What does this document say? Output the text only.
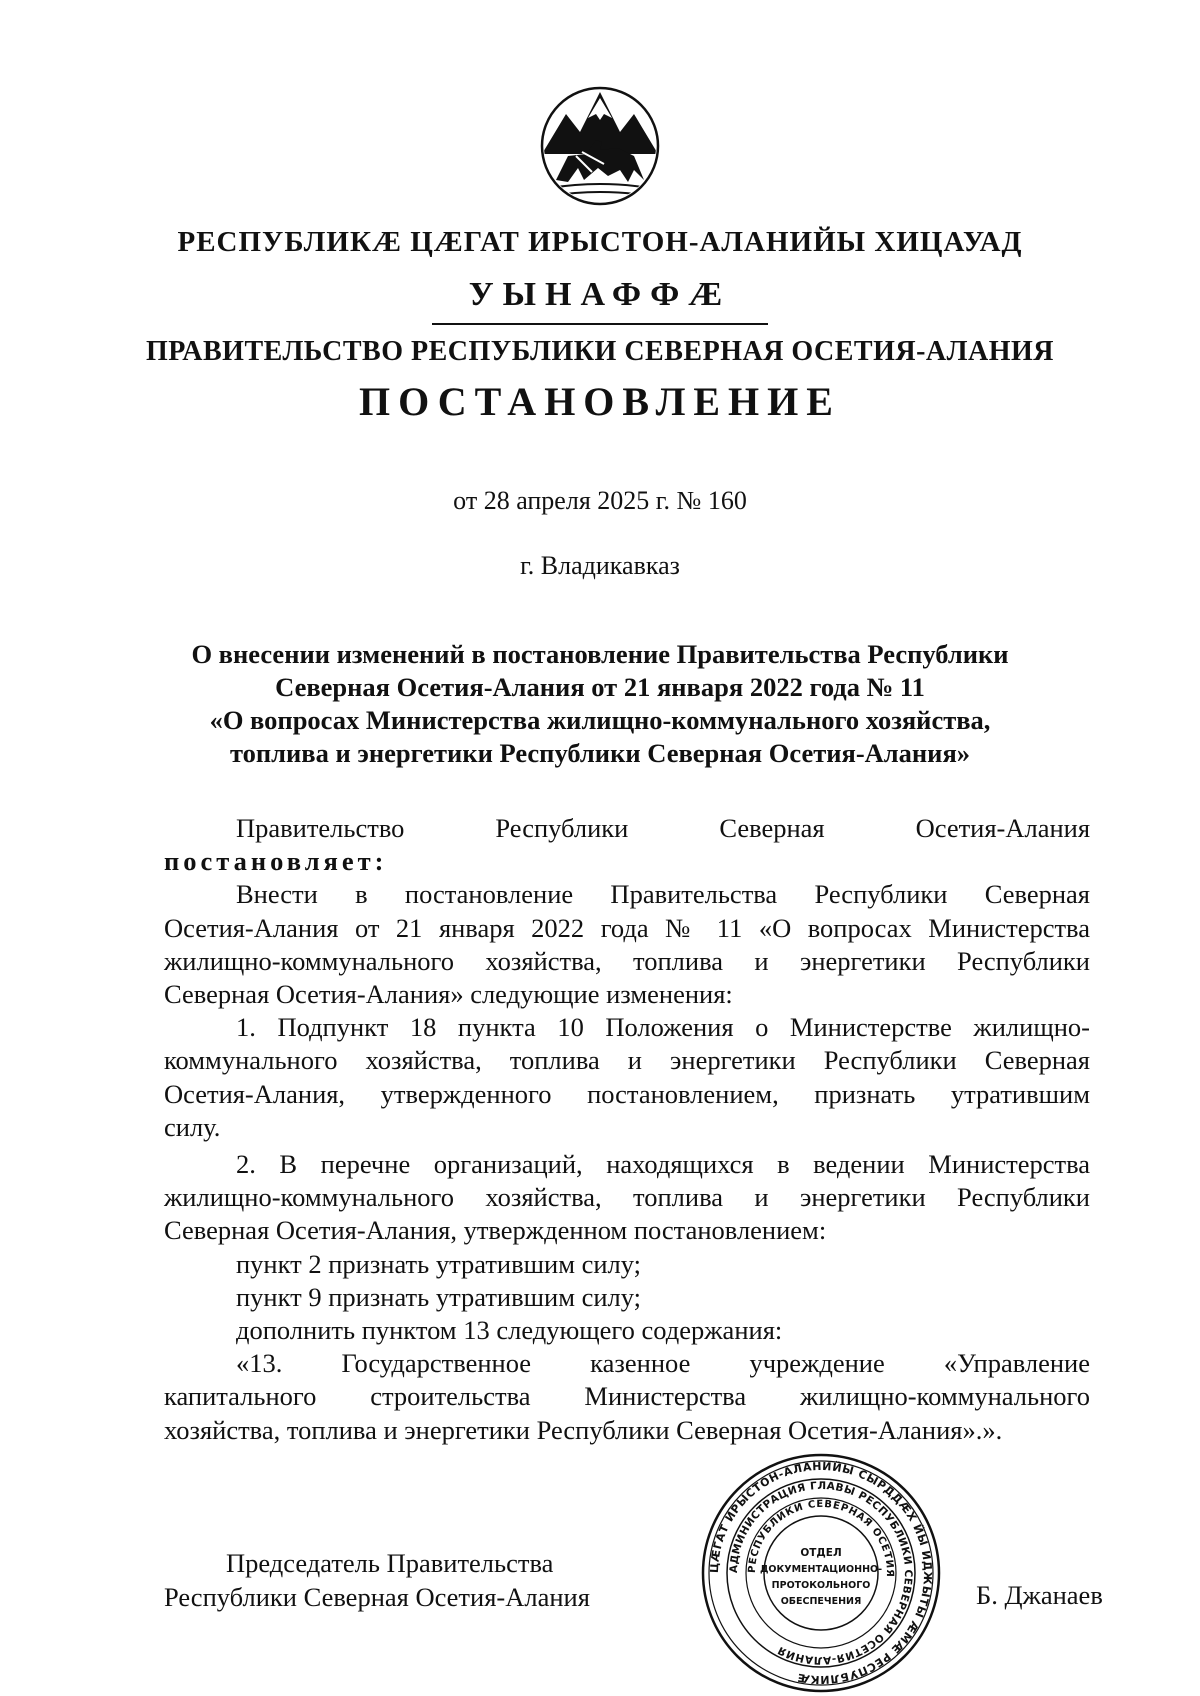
РЕСПУБЛИКӔ ЦӔГАТ ИРЫСТОН-АЛАНИЙЫ ХИЦАУАД
УЫНАФФӔ
ПРАВИТЕЛЬСТВО РЕСПУБЛИКИ СЕВЕРНАЯ ОСЕТИЯ-АЛАНИЯ
ПОСТАНОВЛЕНИЕ
от 28 апреля 2025 г. № 160
г. Владикавказ
О внесении изменений в постановление Правительства Республики
Северная Осетия-Алания от 21 января 2022 года № 11
«О вопросах Министерства жилищно-коммунального хозяйства,
топлива и энергетики Республики Северная Осетия-Алания»
Правительство	Республики	Северная	Осетия-Алания
постановляет:
Внести в постановление Правительства Республики Северная
Осетия-Алания от 21 января 2022 года № 11 «О вопросах Министерства
жилищно-коммунального хозяйства, топлива и энергетики Республики
Северная Осетия-Алания» следующие изменения:
1. Подпункт 18 пункта 10 Положения о Министерстве жилищно-
коммунального хозяйства, топлива и энергетики Республики Северная
Осетия-Алания, утвержденного постановлением, признать утратившим
силу.
2. В перечне организаций, находящихся в ведении Министерства
жилищно-коммунального хозяйства, топлива и энергетики Республики
Северная Осетия-Алания, утвержденном постановлением:
пункт 2 признать утратившим силу;
пункт 9 признать утратившим силу;
дополнить пунктом 13 следующего содержания:
«13. Государственное казенное учреждение «Управление
капитального строительства Министерства жилищно-коммунального
хозяйства, топлива и энергетики Республики Северная Осетия-Алания».».
Председатель Правительства
Республики Северная Осетия-Алания	Б. Джанаев
ЦӔГАТ ИРЫСТОН-АЛАНИЙЫ СЫРДДӔХ ЙЫ ИДЖЫТЫ ӔМӔ РЕСПУБЛИКӔ
АДМИНИСТРАЦИЯ ГЛАВЫ РЕСПУБЛИКИ СЕВЕРНАЯ ОСЕТИЯ-АЛАНИЯ
РЕСПУБЛИКИ СЕВЕРНАЯ ОСЕТИЯ
ОТДЕЛ
ДОКУМЕНТАЦИОННО-
ПРОТОКОЛЬНОГО
ОБЕСПЕЧЕНИЯ
